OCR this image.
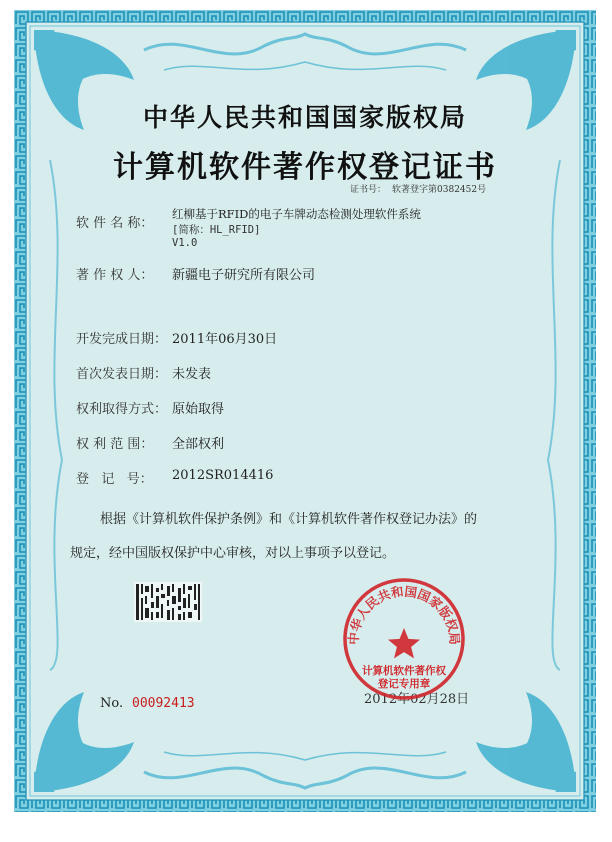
中华人民共和国国家版权局
计算机软件著作权登记证书
证书号： 软著登字第0382452号
软 件 名 称：
红柳基于RFID的电子车牌动态检测处理软件系统
[简称：HL_RFID]
V1.0
著 作 权 人： 新疆电子研究所有限公司
开发完成日期： 2011年06月30日
首次发表日期： 未发表
权利取得方式： 原始取得
权 利 范 围： 全部权利
登   记   号： 2012SR014416
根据《计算机软件保护条例》和《计算机软件著作权登记办法》的
规定，经中国版权保护中心审核，对以上事项予以登记。
No. 00092413	2012年02月28日
中华人民共和国国家版权局
计算机软件著作权
登记专用章
